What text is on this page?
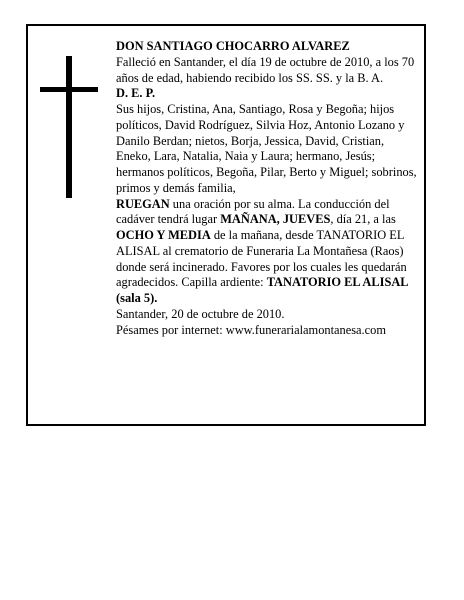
DON SANTIAGO CHOCARRO ALVAREZ

Falleció en Santander, el día 19 de octubre de 2010, a los 70 años de edad, habiendo recibido los SS. SS. y la B. A.

D. E. P.

Sus hijos, Cristina, Ana, Santiago, Rosa y Begoña; hijos políticos, David Rodríguez, Silvia Hoz, Antonio Lozano y Danilo Berdan; nietos, Borja, Jessica, David, Cristian, Eneko, Lara, Natalia, Naia y Laura; hermano, Jesús; hermanos políticos, Begoña, Pilar, Berto y Miguel; sobrinos, primos y demás familia,

RUEGAN una oración por su alma. La conducción del cadáver tendrá lugar MAÑANA, JUEVES, día 21, a las OCHO Y MEDIA de la mañana, desde TANATORIO EL ALISAL al crematorio de Funeraria La Montañesa (Raos) donde será incinerado. Favores por los cuales les quedarán agradecidos. Capilla ardiente: TANATORIO EL ALISAL (sala 5).

Santander, 20 de octubre de 2010.

Pésames por internet: www.funerarialamontanesa.com
